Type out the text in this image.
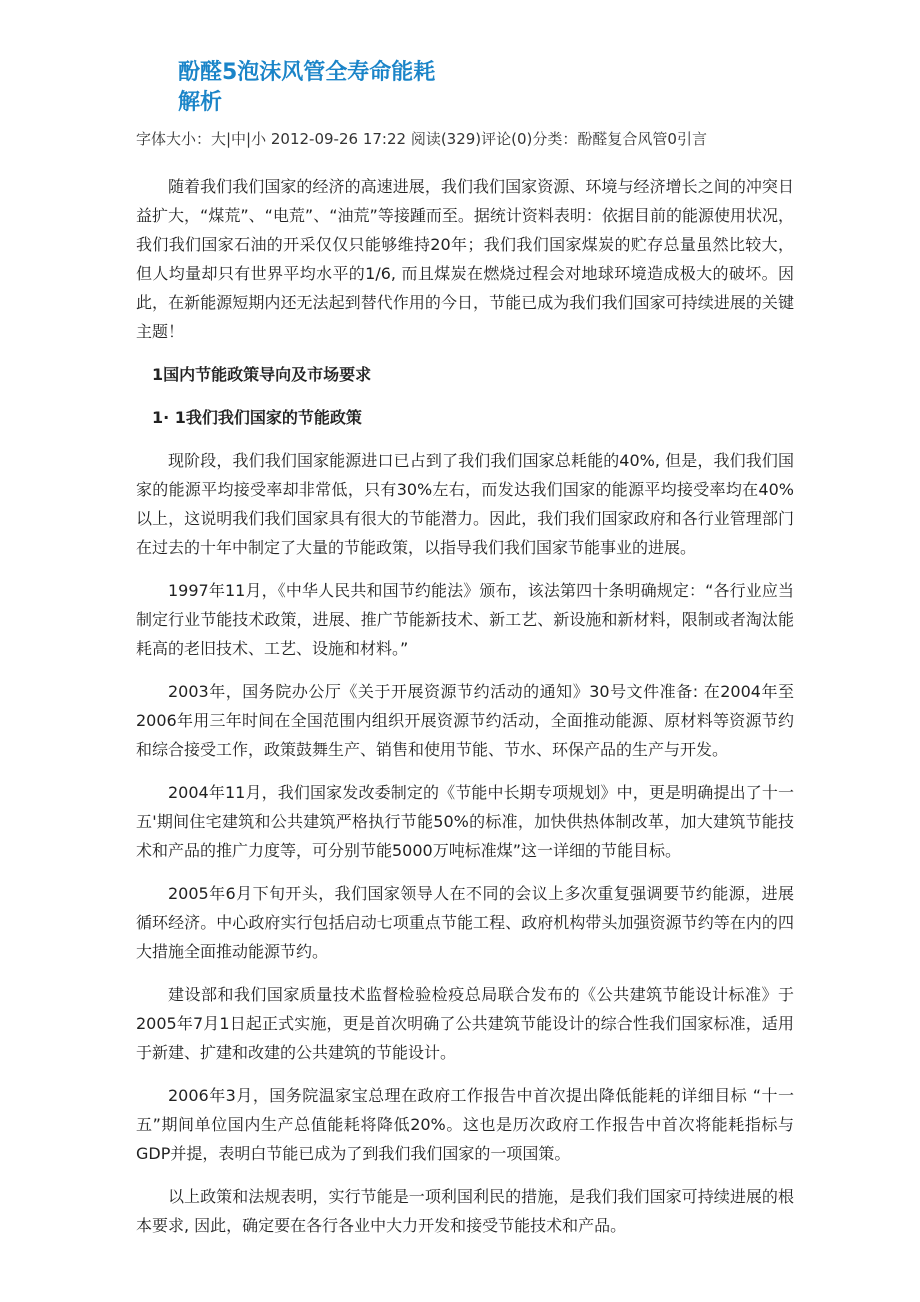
酚醛5泡沫风管全寿命能耗解析
字体大小：大|中|小 2012-09-26 17:22 阅读(329)评论(0)分类：酚醛复合风管0引言

随着我们我们国家的经济的高速进展，我们我们国家资源、环境与经济增长之间的冲突日益扩大，“煤荒”、“电荒”、“油荒”等接踵而至。据统计资料表明：依据目前的能源使用状况，我们我们国家石油的开采仅仅只能够维持20年；我们我们国家煤炭的贮存总量虽然比较大，但人均量却只有世界平均水平的1/6, 而且煤炭在燃烧过程会对地球环境造成极大的破坏。因此，在新能源短期内还无法起到替代作用的今日，节能已成为我们我们国家可持续进展的关键主题！

1国内节能政策导向及市场要求
1· 1我们我们国家的节能政策

现阶段，我们我们国家能源进口已占到了我们我们国家总耗能的40%, 但是，我们我们国家的能源平均接受率却非常低，只有30%左右，而发达我们国家的能源平均接受率均在40%以上，这说明我们我们国家具有很大的节能潜力。因此，我们我们国家政府和各行业管理部门在过去的十年中制定了大量的节能政策，以指导我们我们国家节能事业的进展。

1997年11月，《中华人民共和国节约能法》颁布，该法第四十条明确规定：“各行业应当制定行业节能技术政策，进展、推广节能新技术、新工艺、新设施和新材料，限制或者淘汰能耗高的老旧技术、工艺、设施和材料。”

2003年，国务院办公厅《关于开展资源节约活动的通知》30号文件准备: 在2004年至2006年用三年时间在全国范围内组织开展资源节约活动，全面推动能源、原材料等资源节约和综合接受工作，政策鼓舞生产、销售和使用节能、节水、环保产品的生产与开发。

2004年11月，我们国家发改委制定的《节能中长期专项规划》中，更是明确提出了十一五'期间住宅建筑和公共建筑严格执行节能50%的标准，加快供热体制改革，加大建筑节能技术和产品的推广力度等，可分别节能5000万吨标准煤”这一详细的节能目标。

2005年6月下旬开头，我们国家领导人在不同的会议上多次重复强调要节约能源，进展循环经济。中心政府实行包括启动七项重点节能工程、政府机构带头加强资源节约等在内的四大措施全面推动能源节约。

建设部和我们国家质量技术监督检验检疫总局联合发布的《公共建筑节能设计标准》于2005年7月1日起正式实施，更是首次明确了公共建筑节能设计的综合性我们国家标准，适用于新建、扩建和改建的公共建筑的节能设计。

2006年3月，国务院温家宝总理在政府工作报告中首次提出降低能耗的详细目标 “十一五”期间单位国内生产总值能耗将降低20%。这也是历次政府工作报告中首次将能耗指标与GDP并提，表明白节能已成为了到我们我们国家的一项国策。

以上政策和法规表明，实行节能是一项利国利民的措施，是我们我们国家可持续进展的根本要求, 因此，确定要在各行各业中大力开发和接受节能技术和产品。
